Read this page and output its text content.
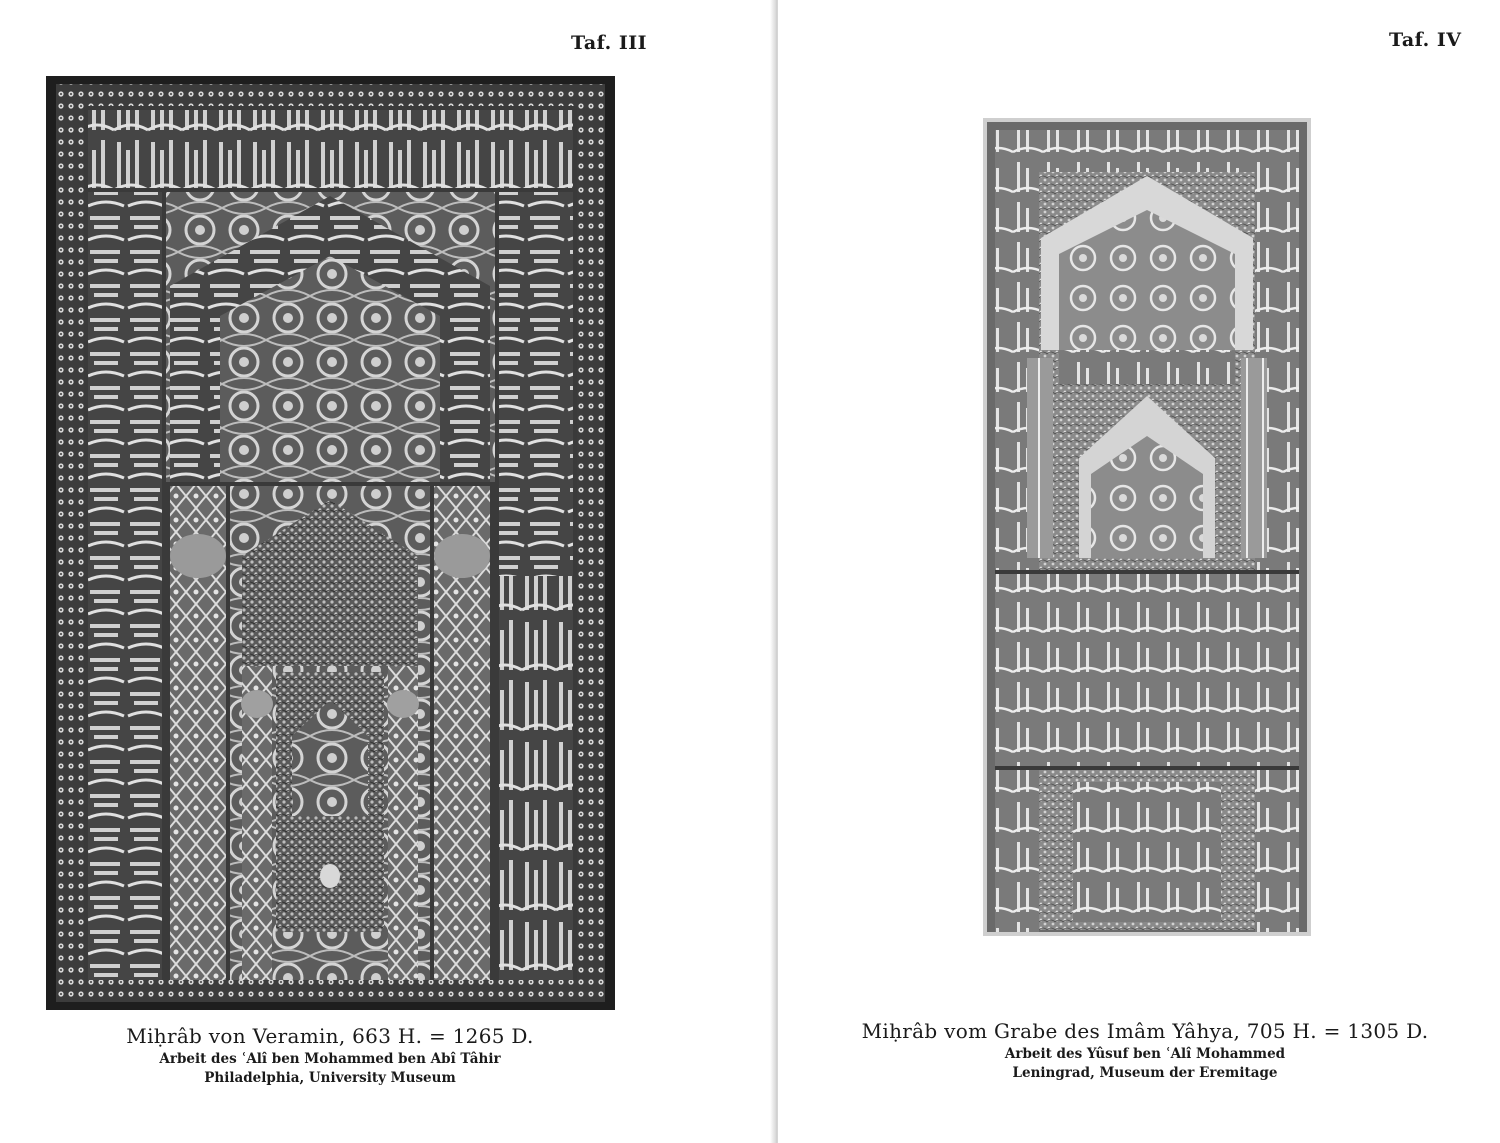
Taf. III
Miḥrâb von Veramin, 663 H. = 1265 D.
Arbeit des ʿAlî ben Mohammed ben Abî Tâhir
Philadelphia, University Museum
Taf. IV
Miḥrâb vom Grabe des Imâm Yâhya, 705 H. = 1305 D.
Arbeit des Yûsuf ben ʿAlî Mohammed
Leningrad, Museum der Eremitage
